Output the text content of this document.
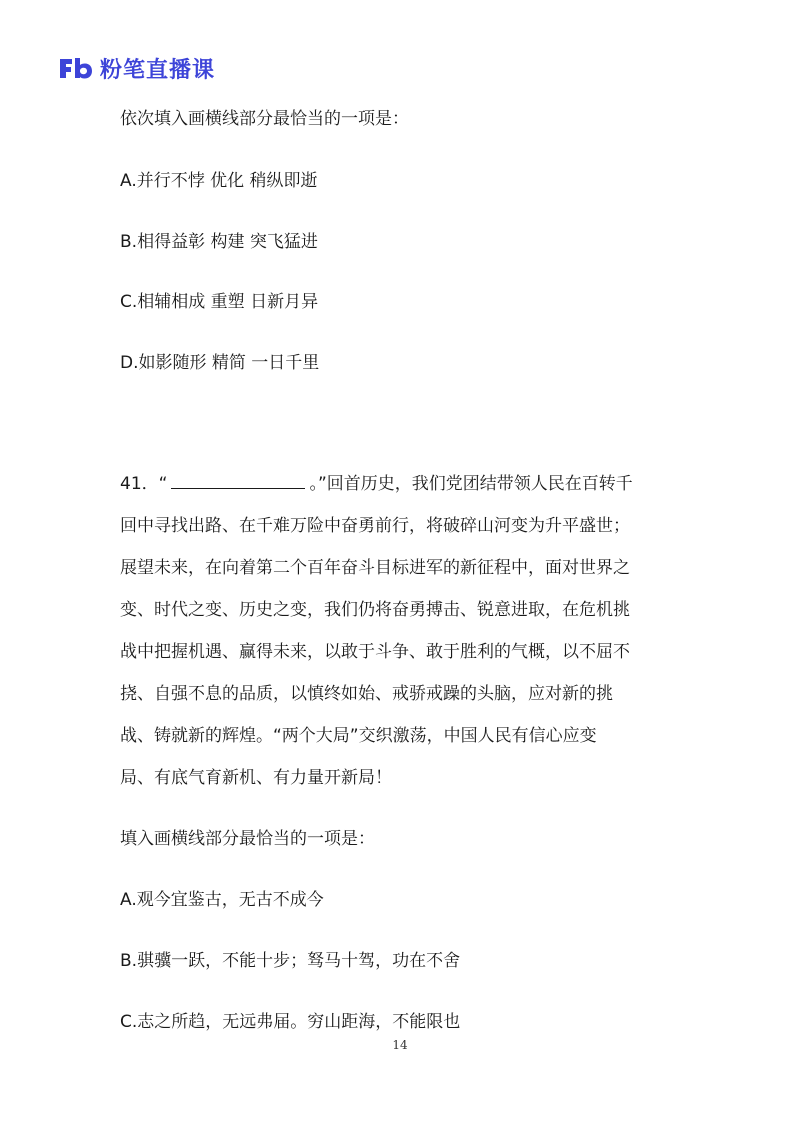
粉笔直播课
依次填入画横线部分最恰当的一项是：
A.并行不悖 优化 稍纵即逝
B.相得益彰 构建 突飞猛进
C.相辅相成 重塑 日新月异
D.如影随形 精简 一日千里
41．“	。”回首历史，我们党团结带领人民在百转千
回中寻找出路、在千难万险中奋勇前行，将破碎山河变为升平盛世；
展望未来，在向着第二个百年奋斗目标进军的新征程中，面对世界之
变、时代之变、历史之变，我们仍将奋勇搏击、锐意进取，在危机挑
战中把握机遇、赢得未来，以敢于斗争、敢于胜利的气概，以不屈不
挠、自强不息的品质，以慎终如始、戒骄戒躁的头脑，应对新的挑
战、铸就新的辉煌。“两个大局”交织激荡，中国人民有信心应变
局、有底气育新机、有力量开新局！
填入画横线部分最恰当的一项是：
A.观今宜鉴古，无古不成今
B.骐骥一跃，不能十步；驽马十驾，功在不舍
C.志之所趋，无远弗届。穷山距海，不能限也
14
